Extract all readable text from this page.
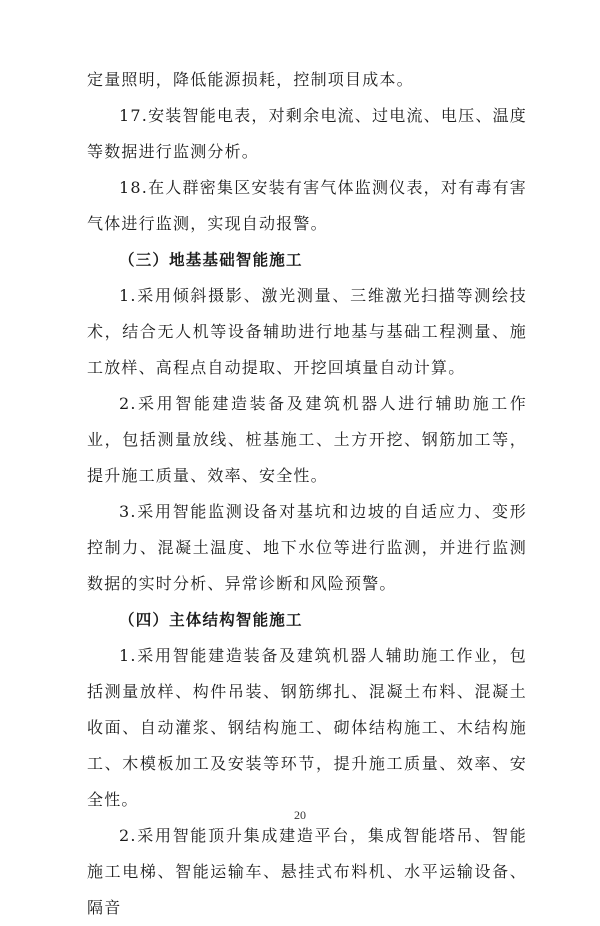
定量照明，降低能源损耗，控制项目成本。

17.安装智能电表，对剩余电流、过电流、电压、温度等数据进行监测分析。

18.在人群密集区安装有害气体监测仪表，对有毒有害气体进行监测，实现自动报警。

（三）地基基础智能施工

1.采用倾斜摄影、激光测量、三维激光扫描等测绘技术，结合无人机等设备辅助进行地基与基础工程测量、施工放样、高程点自动提取、开挖回填量自动计算。

2.采用智能建造装备及建筑机器人进行辅助施工作业，包括测量放线、桩基施工、土方开挖、钢筋加工等，提升施工质量、效率、安全性。

3.采用智能监测设备对基坑和边坡的自适应力、变形控制力、混凝土温度、地下水位等进行监测，并进行监测数据的实时分析、异常诊断和风险预警。

（四）主体结构智能施工

1.采用智能建造装备及建筑机器人辅助施工作业，包括测量放样、构件吊装、钢筋绑扎、混凝土布料、混凝土收面、自动灌浆、钢结构施工、砌体结构施工、木结构施工、木模板加工及安装等环节，提升施工质量、效率、安全性。

2.采用智能顶升集成建造平台，集成智能塔吊、智能施工电梯、智能运输车、悬挂式布料机、水平运输设备、隔音

20
